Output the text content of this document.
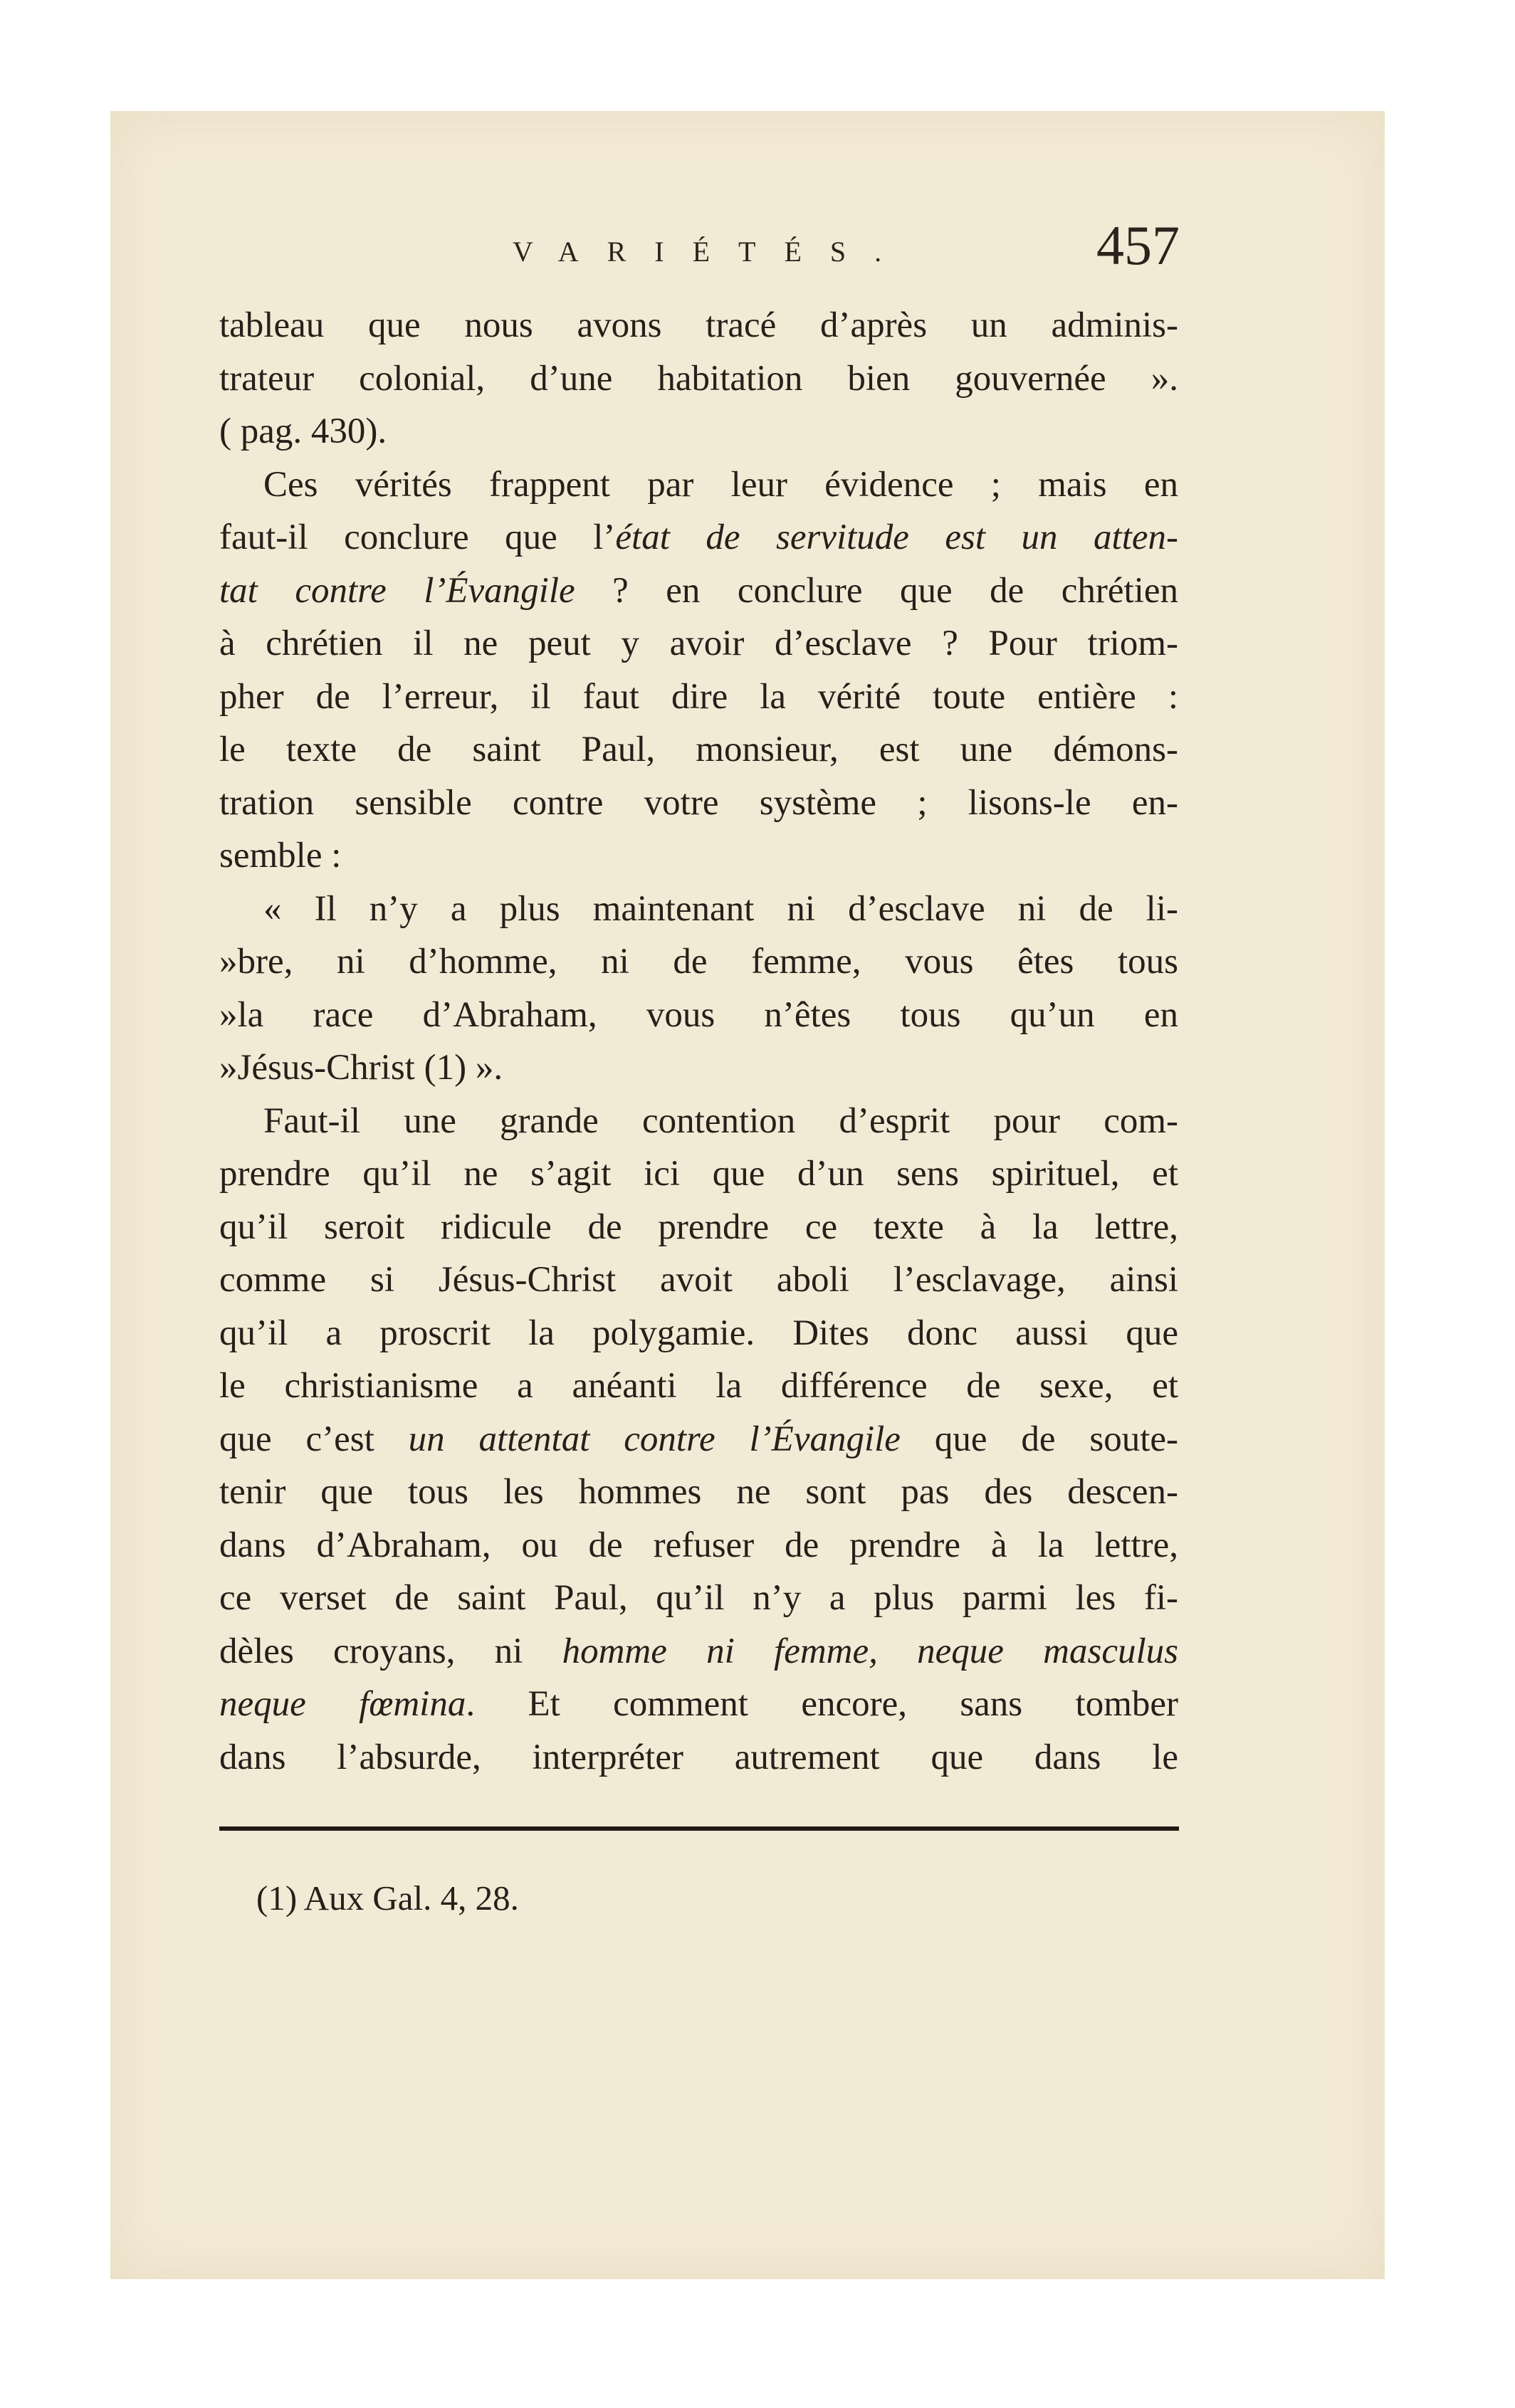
VARIÉTÉS.	457
tableau que nous avons tracé d’après un adminis-
trateur colonial, d’une habitation bien gouvernée ».
( pag. 430).
Ces vérités frappent par leur évidence ; mais en
faut-il conclure que l’état de servitude est un atten-
tat contre l’Évangile ? en conclure que de chrétien
à chrétien il ne peut y avoir d’esclave ? Pour triom-
pher de l’erreur, il faut dire la vérité toute entière :
le texte de saint Paul, monsieur, est une démons-
tration sensible contre votre système ; lisons-le en-
semble :
« Il n’y a plus maintenant ni d’esclave ni de li-
»bre, ni d’homme, ni de femme, vous êtes tous
»la race d’Abraham, vous n’êtes tous qu’un en
»Jésus-Christ (1) ».
Faut-il une grande contention d’esprit pour com-
prendre qu’il ne s’agit ici que d’un sens spirituel, et
qu’il seroit ridicule de prendre ce texte à la lettre,
comme si Jésus-Christ avoit aboli l’esclavage, ainsi
qu’il a proscrit la polygamie. Dites donc aussi que
le christianisme a anéanti la différence de sexe, et
que c’est un attentat contre l’Évangile que de soute-
tenir que tous les hommes ne sont pas des descen-
dans d’Abraham, ou de refuser de prendre à la lettre,
ce verset de saint Paul, qu’il n’y a plus parmi les fi-
dèles croyans, ni homme ni femme, neque masculus
neque fœmina. Et comment encore, sans tomber
dans l’absurde, interpréter autrement que dans le
(1) Aux Gal. 4, 28.
